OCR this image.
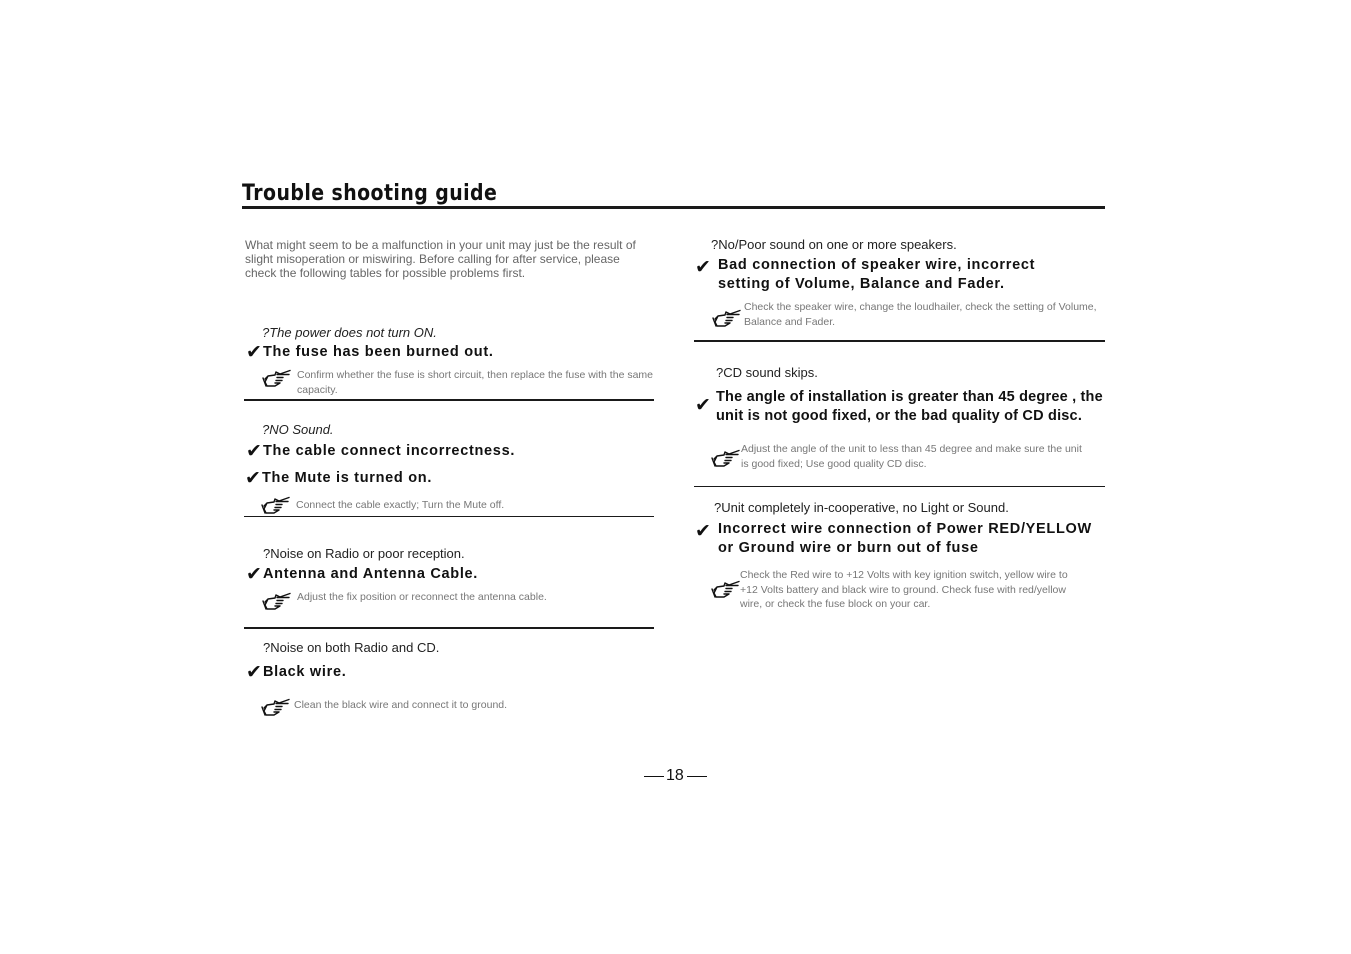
Trouble shooting guide
What might seem to be a malfunction in your unit may just be the result of slight misoperation or miswiring. Before calling for after service, please check the following tables for possible problems first.
?The power does not turn ON.
✔ The fuse has been burned out.
Confirm whether the fuse is short circuit, then replace the fuse with the same capacity.
?NO Sound.
✔ The cable connect incorrectness.
✔ The Mute is turned on.
Connect the cable exactly; Turn the Mute off.
?Noise on Radio or poor reception.
✔ Antenna and Antenna Cable.
Adjust the fix position or reconnect the antenna cable.
?Noise on both Radio and CD.
✔ Black wire.
Clean the black wire and connect it to ground.
?No/Poor sound on one or more speakers.
✔ Bad connection of speaker wire, incorrect
setting of Volume, Balance and Fader.
Check the speaker wire, change the loudhailer, check the setting of Volume,
Balance and Fader.
?CD sound skips.
✔ The angle of installation is greater than 45 degree , the
unit is not good fixed, or the bad quality of CD disc.
Adjust the angle of the unit to less than 45 degree and make sure the unit
is good fixed; Use good quality CD disc.
?Unit completely in-cooperative, no Light or Sound.
✔ Incorrect wire connection of Power RED/YELLOW
or Ground wire or burn out of fuse
Check the Red wire to +12 Volts with key ignition switch, yellow wire to
+12 Volts battery and black wire to ground. Check fuse with red/yellow
wire, or check the fuse block on your car.
18
